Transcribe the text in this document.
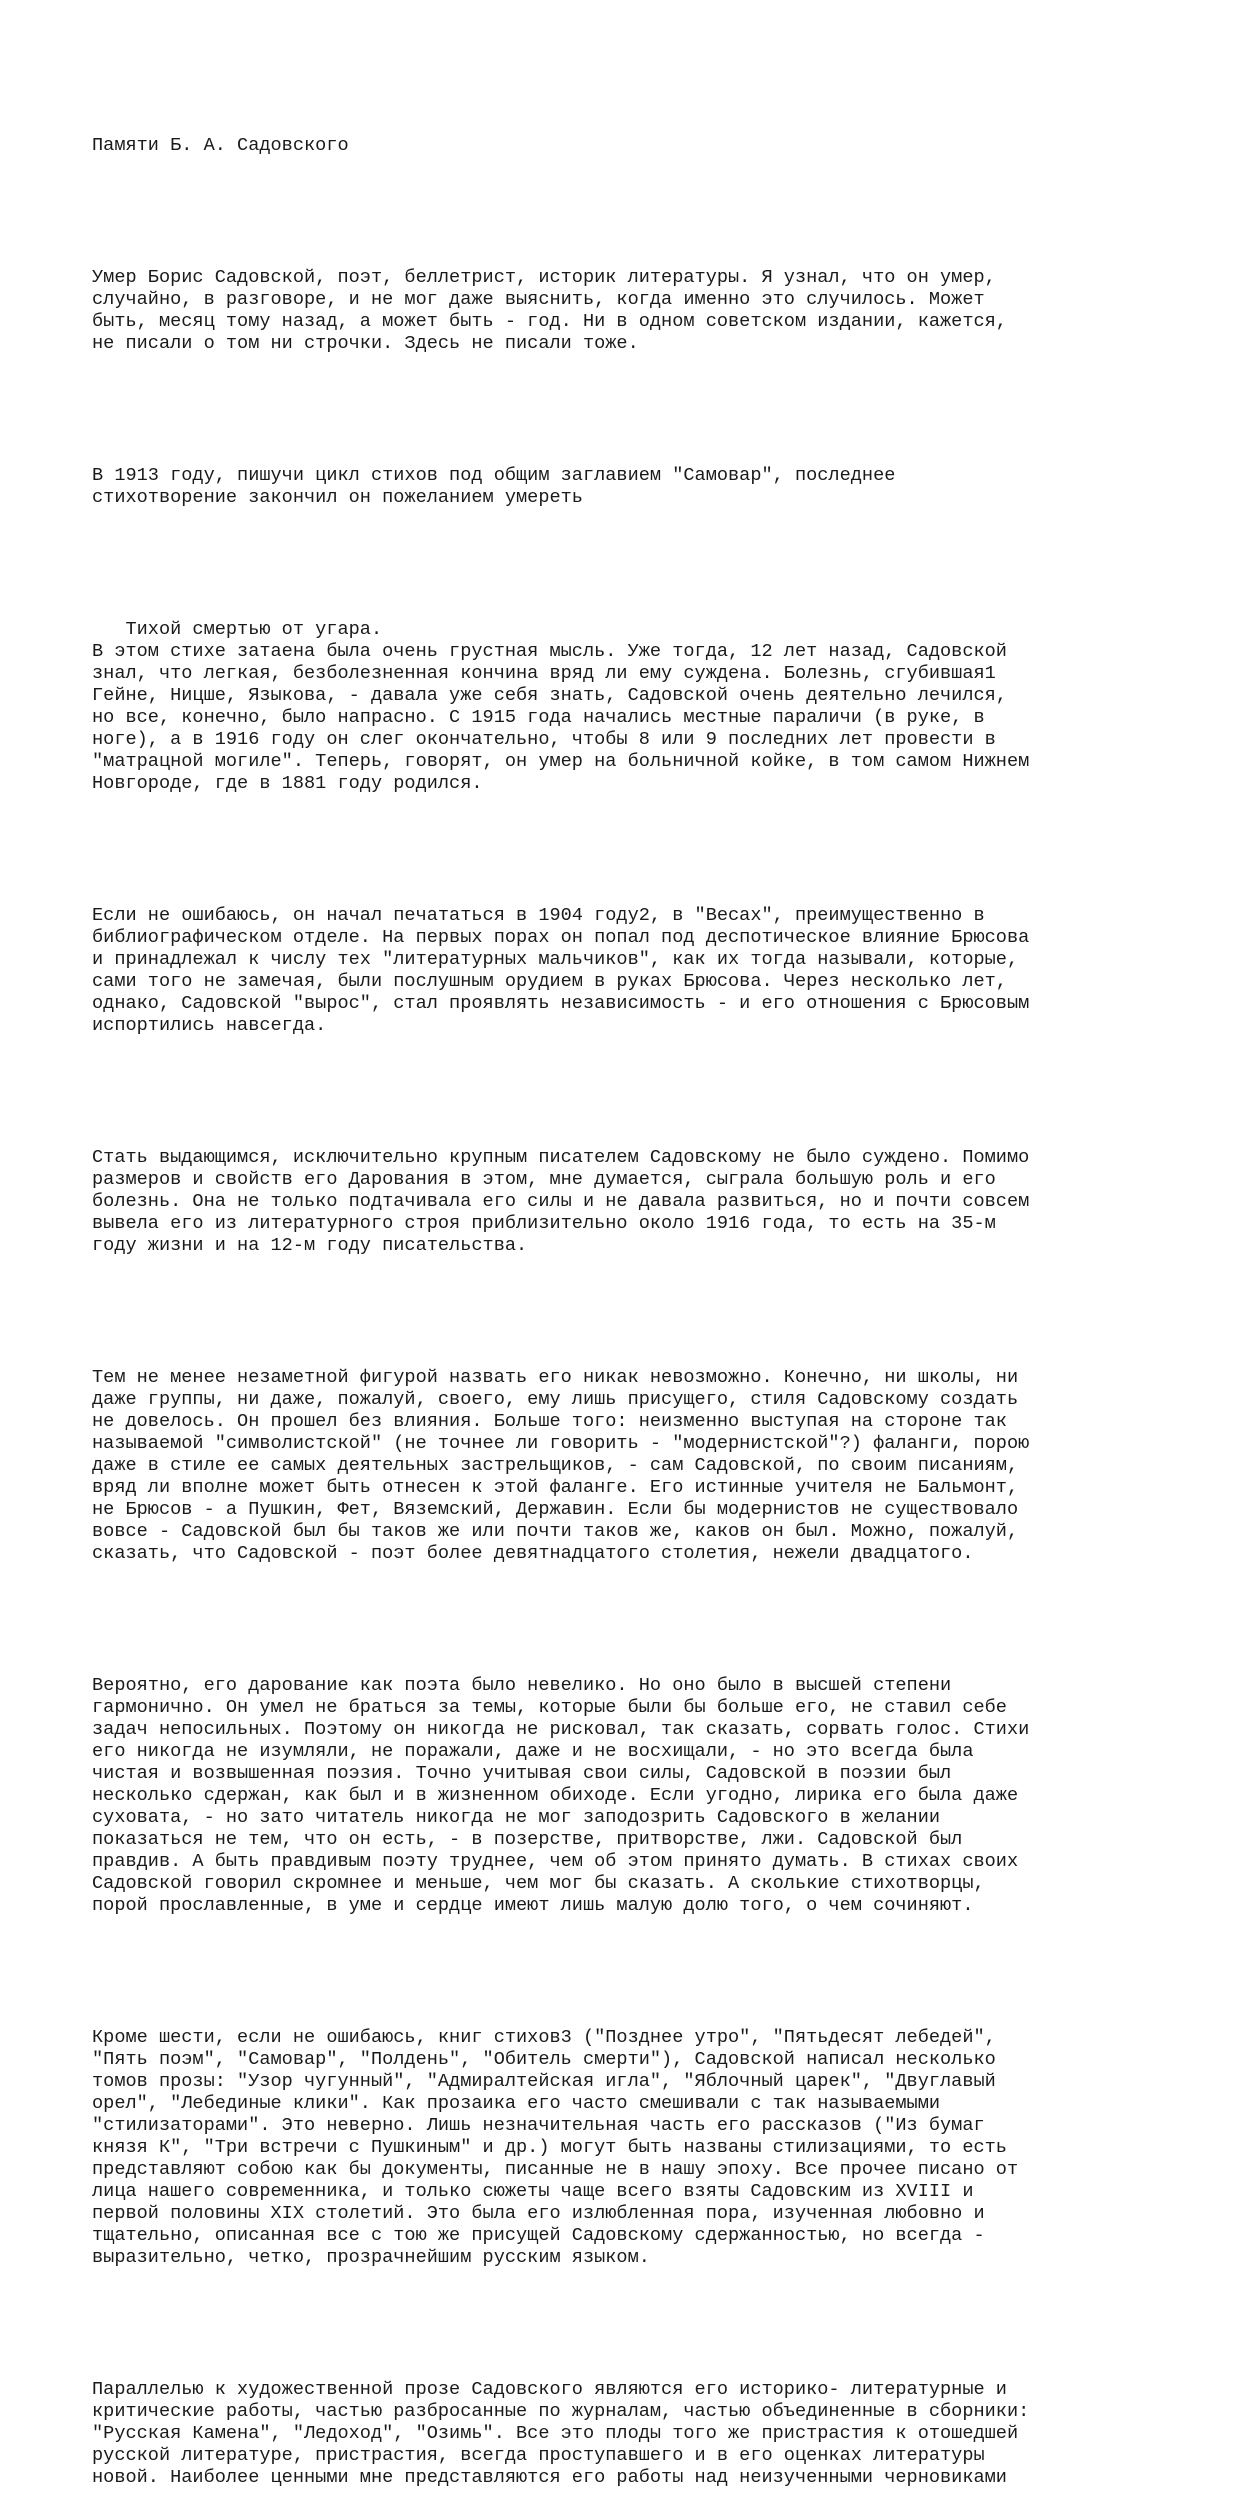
Памяти Б. А. Садовского

Умер Борис Садовской, поэт, беллетрист, историк литературы. Я узнал, что он умер,
случайно, в разговоре, и не мог даже выяснить, когда именно это случилось. Может
быть, месяц тому назад, а может быть - год. Ни в одном советском издании, кажется,
не писали о том ни строчки. Здесь не писали тоже.

В 1913 году, пишучи цикл стихов под общим заглавием "Самовар", последнее
стихотворение закончил он пожеланием умереть

Тихой смертью от угара.
В этом стихе затаена была очень грустная мысль. Уже тогда, 12 лет назад, Садовской
знал, что легкая, безболезненная кончина вряд ли ему суждена. Болезнь, сгубившая1
Гейне, Ницше, Языкова, - давала уже себя знать, Садовской очень деятельно лечился,
но все, конечно, было напрасно. С 1915 года начались местные параличи (в руке, в
ноге), а в 1916 году он слег окончательно, чтобы 8 или 9 последних лет провести в
"матрацной могиле". Теперь, говорят, он умер на больничной койке, в том самом Нижнем
Новгороде, где в 1881 году родился.

Если не ошибаюсь, он начал печататься в 1904 году2, в "Весах", преимущественно в
библиографическом отделе. На первых порах он попал под деспотическое влияние Брюсова
и принадлежал к числу тех "литературных мальчиков", как их тогда называли, которые,
сами того не замечая, были послушным орудием в руках Брюсова. Через несколько лет,
однако, Садовской "вырос", стал проявлять независимость - и его отношения с Брюсовым
испортились навсегда.

Стать выдающимся, исключительно крупным писателем Садовскому не было суждено. Помимо
размеров и свойств его Дарования в этом, мне думается, сыграла большую роль и его
болезнь. Она не только подтачивала его силы и не давала развиться, но и почти совсем
вывела его из литературного строя приблизительно около 1916 года, то есть на 35-м
году жизни и на 12-м году писательства.

Тем не менее незаметной фигурой назвать его никак невозможно. Конечно, ни школы, ни
даже группы, ни даже, пожалуй, своего, ему лишь присущего, стиля Садовскому создать
не довелось. Он прошел без влияния. Больше того: неизменно выступая на стороне так
называемой "символистской" (не точнее ли говорить - "модернистской"?) фаланги, порою
даже в стиле ее самых деятельных застрельщиков, - сам Садовской, по своим писаниям,
вряд ли вполне может быть отнесен к этой фаланге. Его истинные учителя не Бальмонт,
не Брюсов - а Пушкин, Фет, Вяземский, Державин. Если бы модернистов не существовало
вовсе - Садовской был бы таков же или почти таков же, каков он был. Можно, пожалуй,
сказать, что Садовской - поэт более девятнадцатого столетия, нежели двадцатого.

Вероятно, его дарование как поэта было невелико. Но оно было в высшей степени
гармонично. Он умел не браться за темы, которые были бы больше его, не ставил себе
задач непосильных. Поэтому он никогда не рисковал, так сказать, сорвать голос. Стихи
его никогда не изумляли, не поражали, даже и не восхищали, - но это всегда была
чистая и возвышенная поэзия. Точно учитывая свои силы, Садовской в поэзии был
несколько сдержан, как был и в жизненном обиходе. Если угодно, лирика его была даже
суховата, - но зато читатель никогда не мог заподозрить Садовского в желании
показаться не тем, что он есть, - в позерстве, притворстве, лжи. Садовской был
правдив. А быть правдивым поэту труднее, чем об этом принято думать. В стихах своих
Садовской говорил скромнее и меньше, чем мог бы сказать. А сколькие стихотворцы,
порой прославленные, в уме и сердце имеют лишь малую долю того, о чем сочиняют.

Кроме шести, если не ошибаюсь, книг стихов3 ("Позднее утро", "Пятьдесят лебедей",
"Пять поэм", "Самовар", "Полдень", "Обитель смерти"), Садовской написал несколько
томов прозы: "Узор чугунный", "Адмиралтейская игла", "Яблочный царек", "Двуглавый
орел", "Лебединые клики". Как прозаика его часто смешивали с так называемыми
"стилизаторами". Это неверно. Лишь незначительная часть его рассказов ("Из бумаг
князя К", "Три встречи с Пушкиным" и др.) могут быть названы стилизациями, то есть
представляют собою как бы документы, писанные не в нашу эпоху. Все прочее писано от
лица нашего современника, и только сюжеты чаще всего взяты Садовским из XVIII и
первой половины XIX столетий. Это была его излюбленная пора, изученная любовно и
тщательно, описанная все с тою же присущей Садовскому сдержанностью, но всегда -
выразительно, четко, прозрачнейшим русским языком.

Параллелью к художественной прозе Садовского являются его историко- литературные и
критические работы, частью разбросанные по журналам, частью объединенные в сборники:
"Русская Камена", "Ледоход", "Озимь". Все это плоды того же пристрастия к отошедшей
русской литературе, пристрастия, всегда проступавшего и в его оценках литературы
новой. Наиболее ценными мне представляются его работы над неизученными черновиками
